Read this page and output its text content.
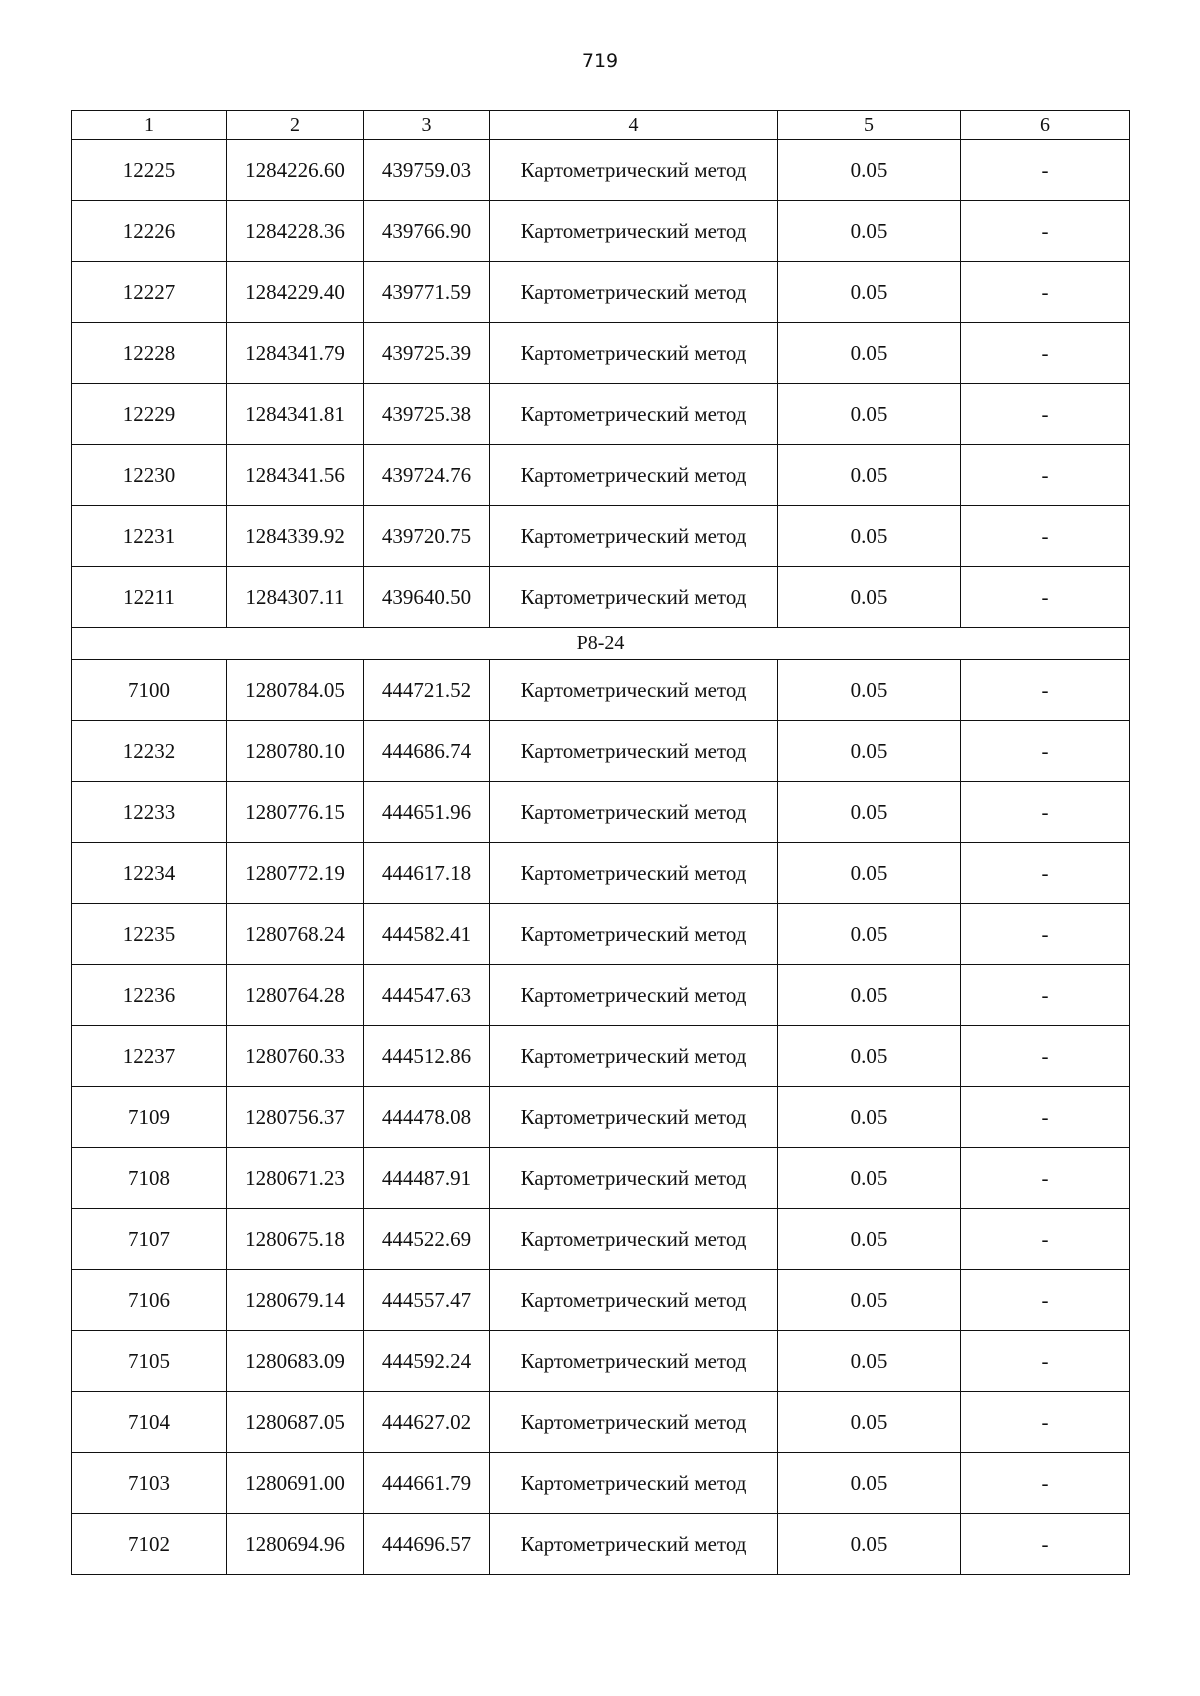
719
1	2	3	4	5	6
12225	1284226.60	439759.03	Картометрический метод	0.05	-
12226	1284228.36	439766.90	Картометрический метод	0.05	-
12227	1284229.40	439771.59	Картометрический метод	0.05	-
12228	1284341.79	439725.39	Картометрический метод	0.05	-
12229	1284341.81	439725.38	Картометрический метод	0.05	-
12230	1284341.56	439724.76	Картометрический метод	0.05	-
12231	1284339.92	439720.75	Картометрический метод	0.05	-
12211	1284307.11	439640.50	Картометрический метод	0.05	-
Р8-24					
7100	1280784.05	444721.52	Картометрический метод	0.05	-
12232	1280780.10	444686.74	Картометрический метод	0.05	-
12233	1280776.15	444651.96	Картометрический метод	0.05	-
12234	1280772.19	444617.18	Картометрический метод	0.05	-
12235	1280768.24	444582.41	Картометрический метод	0.05	-
12236	1280764.28	444547.63	Картометрический метод	0.05	-
12237	1280760.33	444512.86	Картометрический метод	0.05	-
7109	1280756.37	444478.08	Картометрический метод	0.05	-
7108	1280671.23	444487.91	Картометрический метод	0.05	-
7107	1280675.18	444522.69	Картометрический метод	0.05	-
7106	1280679.14	444557.47	Картометрический метод	0.05	-
7105	1280683.09	444592.24	Картометрический метод	0.05	-
7104	1280687.05	444627.02	Картометрический метод	0.05	-
7103	1280691.00	444661.79	Картометрический метод	0.05	-
7102	1280694.96	444696.57	Картометрический метод	0.05	-
